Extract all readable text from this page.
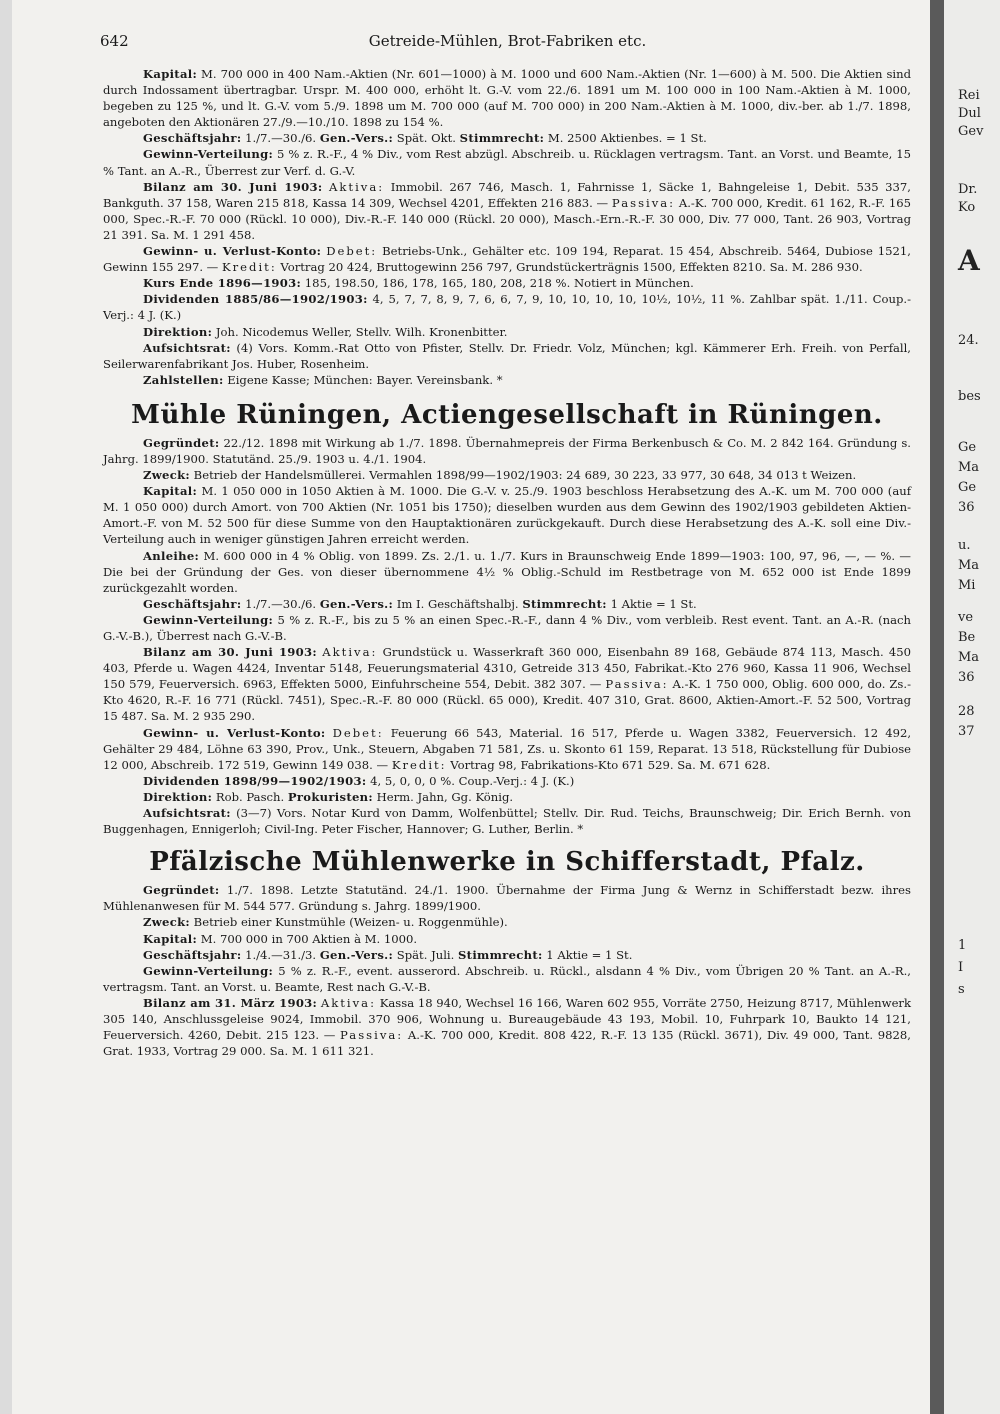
Rei
Dul
Gev
Dr.
Ko
A
24.
bes
Ge
Ma
Ge
36
u.
Ma
Mi
ve
Be
Ma
36
28
37
1
I
s
642	Getreide-Mühlen, Brot-Fabriken etc.

Kapital: M. 700 000 in 400 Nam.-Aktien (Nr. 601—1000) à M. 1000 und 600 Nam.-Aktien (Nr. 1—600) à M. 500. Die Aktien sind durch Indossament übertragbar. Urspr. M. 400 000, erhöht lt. G.-V. vom 22./6. 1891 um M. 100 000 in 100 Nam.-Aktien à M. 1000, begeben zu 125 %, und lt. G.-V. vom 5./9. 1898 um M. 700 000 (auf M. 700 000) in 200 Nam.-Aktien à M. 1000, div.-ber. ab 1./7. 1898, angeboten den Aktionären 27./9.—10./10. 1898 zu 154 %.

Geschäftsjahr: 1./7.—30./6. Gen.-Vers.: Spät. Okt. Stimmrecht: M. 2500 Aktienbes. = 1 St.

Gewinn-Verteilung: 5 % z. R.-F., 4 % Div., vom Rest abzügl. Abschreib. u. Rücklagen vertragsm. Tant. an Vorst. und Beamte, 15 % Tant. an A.-R., Überrest zur Verf. d. G.-V.

Bilanz am 30. Juni 1903: Aktiva: Immobil. 267 746, Masch. 1, Fahrnisse 1, Säcke 1, Bahngeleise 1, Debit. 535 337, Bankguth. 37 158, Waren 215 818, Kassa 14 309, Wechsel 4201, Effekten 216 883. — Passiva: A.-K. 700 000, Kredit. 61 162, R.-F. 165 000, Spec.-R.-F. 70 000 (Rückl. 10 000), Div.-R.-F. 140 000 (Rückl. 20 000), Masch.-Ern.-R.-F. 30 000, Div. 77 000, Tant. 26 903, Vortrag 21 391. Sa. M. 1 291 458.

Gewinn- u. Verlust-Konto: Debet: Betriebs-Unk., Gehälter etc. 109 194, Reparat. 15 454, Abschreib. 5464, Dubiose 1521, Gewinn 155 297. — Kredit: Vortrag 20 424, Bruttogewinn 256 797, Grundstückerträgnis 1500, Effekten 8210. Sa. M. 286 930.

Kurs Ende 1896—1903: 185, 198.50, 186, 178, 165, 180, 208, 218 %. Notiert in München.

Dividenden 1885/86—1902/1903: 4, 5, 7, 7, 8, 9, 7, 6, 6, 7, 9, 10, 10, 10, 10, 10½, 10½, 11 %. Zahlbar spät. 1./11. Coup.-Verj.: 4 J. (K.)

Direktion: Joh. Nicodemus Weller, Stellv. Wilh. Kronenbitter.

Aufsichtsrat: (4) Vors. Komm.-Rat Otto von Pfister, Stellv. Dr. Friedr. Volz, München; kgl. Kämmerer Erh. Freih. von Perfall, Seilerwarenfabrikant Jos. Huber, Rosenheim.

Zahlstellen: Eigene Kasse; München: Bayer. Vereinsbank. *

Mühle Rüningen, Actiengesellschaft in Rüningen.

Gegründet: 22./12. 1898 mit Wirkung ab 1./7. 1898. Übernahmepreis der Firma Berkenbusch & Co. M. 2 842 164. Gründung s. Jahrg. 1899/1900. Statutänd. 25./9. 1903 u. 4./1. 1904.

Zweck: Betrieb der Handelsmüllerei. Vermahlen 1898/99—1902/1903: 24 689, 30 223, 33 977, 30 648, 34 013 t Weizen.

Kapital: M. 1 050 000 in 1050 Aktien à M. 1000. Die G.-V. v. 25./9. 1903 beschloss Herabsetzung des A.-K. um M. 700 000 (auf M. 1 050 000) durch Amort. von 700 Aktien (Nr. 1051 bis 1750); dieselben wurden aus dem Gewinn des 1902/1903 gebildeten Aktien-Amort.-F. von M. 52 500 für diese Summe von den Hauptaktionären zurückgekauft. Durch diese Herabsetzung des A.-K. soll eine Div.-Verteilung auch in weniger günstigen Jahren erreicht werden.

Anleihe: M. 600 000 in 4 % Oblig. von 1899. Zs. 2./1. u. 1./7. Kurs in Braunschweig Ende 1899—1903: 100, 97, 96, —, — %. — Die bei der Gründung der Ges. von dieser übernommene 4½ % Oblig.-Schuld im Restbetrage von M. 652 000 ist Ende 1899 zurückgezahlt worden.

Geschäftsjahr: 1./7.—30./6. Gen.-Vers.: Im I. Geschäftshalbj. Stimmrecht: 1 Aktie = 1 St.

Gewinn-Verteilung: 5 % z. R.-F., bis zu 5 % an einen Spec.-R.-F., dann 4 % Div., vom verbleib. Rest event. Tant. an A.-R. (nach G.-V.-B.), Überrest nach G.-V.-B.

Bilanz am 30. Juni 1903: Aktiva: Grundstück u. Wasserkraft 360 000, Eisenbahn 89 168, Gebäude 874 113, Masch. 450 403, Pferde u. Wagen 4424, Inventar 5148, Feuerungsmaterial 4310, Getreide 313 450, Fabrikat.-Kto 276 960, Kassa 11 906, Wechsel 150 579, Feuerversich. 6963, Effekten 5000, Einfuhrscheine 554, Debit. 382 307. — Passiva: A.-K. 1 750 000, Oblig. 600 000, do. Zs.-Kto 4620, R.-F. 16 771 (Rückl. 7451), Spec.-R.-F. 80 000 (Rückl. 65 000), Kredit. 407 310, Grat. 8600, Aktien-Amort.-F. 52 500, Vortrag 15 487. Sa. M. 2 935 290.

Gewinn- u. Verlust-Konto: Debet: Feuerung 66 543, Material. 16 517, Pferde u. Wagen 3382, Feuerversich. 12 492, Gehälter 29 484, Löhne 63 390, Prov., Unk., Steuern, Abgaben 71 581, Zs. u. Skonto 61 159, Reparat. 13 518, Rückstellung für Dubiose 12 000, Abschreib. 172 519, Gewinn 149 038. — Kredit: Vortrag 98, Fabrikations-Kto 671 529. Sa. M. 671 628.

Dividenden 1898/99—1902/1903: 4, 5, 0, 0, 0 %. Coup.-Verj.: 4 J. (K.)

Direktion: Rob. Pasch. Prokuristen: Herm. Jahn, Gg. König.

Aufsichtsrat: (3—7) Vors. Notar Kurd von Damm, Wolfenbüttel; Stellv. Dir. Rud. Teichs, Braunschweig; Dir. Erich Bernh. von Buggenhagen, Ennigerloh; Civil-Ing. Peter Fischer, Hannover; G. Luther, Berlin. *

Pfälzische Mühlenwerke in Schifferstadt, Pfalz.

Gegründet: 1./7. 1898. Letzte Statutänd. 24./1. 1900. Übernahme der Firma Jung & Wernz in Schifferstadt bezw. ihres Mühlenanwesen für M. 544 577. Gründung s. Jahrg. 1899/1900.

Zweck: Betrieb einer Kunstmühle (Weizen- u. Roggenmühle).

Kapital: M. 700 000 in 700 Aktien à M. 1000.

Geschäftsjahr: 1./4.—31./3. Gen.-Vers.: Spät. Juli. Stimmrecht: 1 Aktie = 1 St.

Gewinn-Verteilung: 5 % z. R.-F., event. ausserord. Abschreib. u. Rückl., alsdann 4 % Div., vom Übrigen 20 % Tant. an A.-R., vertragsm. Tant. an Vorst. u. Beamte, Rest nach G.-V.-B.

Bilanz am 31. März 1903: Aktiva: Kassa 18 940, Wechsel 16 166, Waren 602 955, Vorräte 2750, Heizung 8717, Mühlenwerk 305 140, Anschlussgeleise 9024, Immobil. 370 906, Wohnung u. Bureaugebäude 43 193, Mobil. 10, Fuhrpark 10, Baukto 14 121, Feuerversich. 4260, Debit. 215 123. — Passiva: A.-K. 700 000, Kredit. 808 422, R.-F. 13 135 (Rückl. 3671), Div. 49 000, Tant. 9828, Grat. 1933, Vortrag 29 000. Sa. M. 1 611 321.
